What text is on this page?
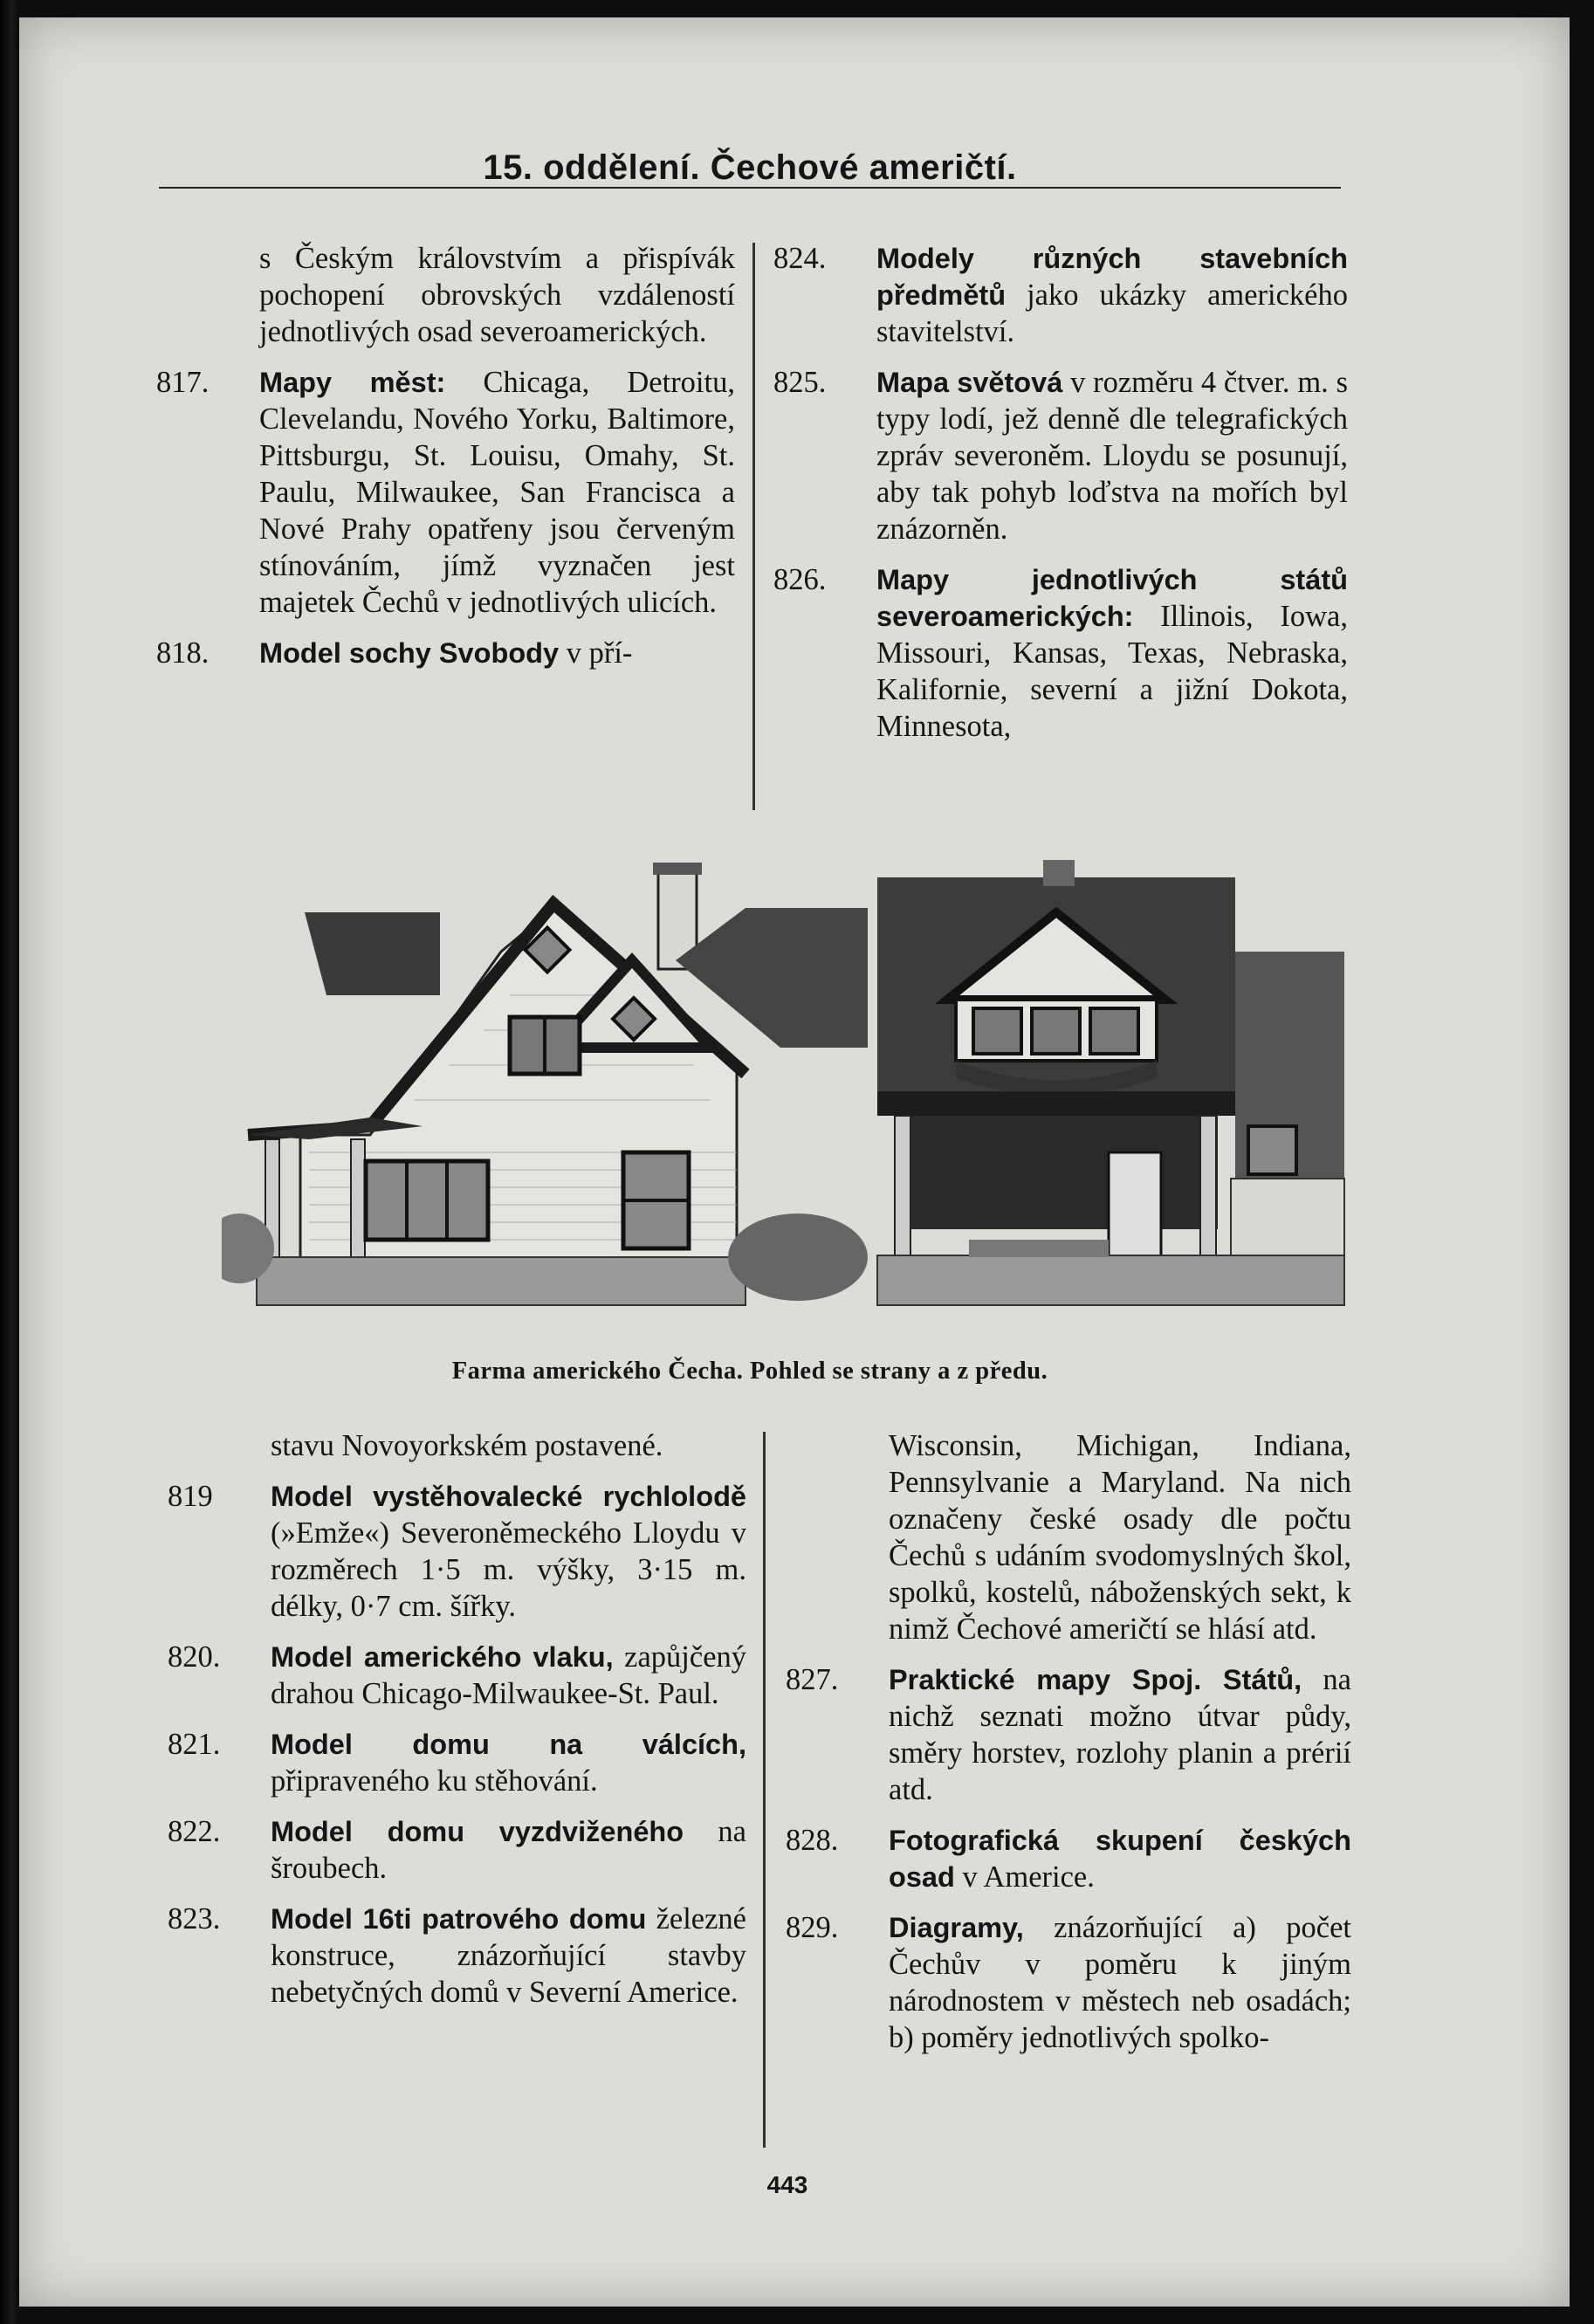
15. oddělení. Čechové američtí.
s Českým královstvím a přispívák pochopení obrovských vzdáleností jednotlivých osad severoamerických.
817.	Mapy měst: Chicaga, Detroitu, Clevelandu, Nového Yorku, Baltimore, Pittsburgu, St. Louisu, Omahy, St. Paulu, Milwaukee, San Francisca a Nové Prahy opatřeny jsou červeným stínováním, jímž vyznačen jest majetek Čechů v jednotlivých ulicích.
818.	Model sochy Svobody v pří-
824.	Modely různých stavebních předmětů jako ukázky amerického stavitelství.
825.	Mapa světová v rozměru 4 čtver. m. s typy lodí, jež denně dle telegrafických zpráv severoněm. Lloydu se posunují, aby tak pohyb loďstva na mořích byl znázorněn.
826.	Mapy jednotlivých států severoamerických: Illinois, Iowa, Missouri, Kansas, Texas, Nebraska, Kalifornie, severní a jižní Dokota, Minnesota,
Farma amerického Čecha. Pohled se strany a z předu.
stavu Novoyorkském postavené.
819	Model vystěhovalecké rychlolodě (»Emže«) Severoněmeckého Lloydu v rozměrech 1·5 m. výšky, 3·15 m. délky, 0·7 cm. šířky.
820.	Model amerického vlaku, zapůjčený drahou Chicago-Milwaukee-St. Paul.
821.	Model domu na válcích, připraveného ku stěhování.
822.	Model domu vyzdviženého na šroubech.
823.	Model 16ti patrového domu železné konstruce, znázorňující stavby nebetyčných domů v Severní Americe.
Wisconsin, Michigan, Indiana, Pennsylvanie a Maryland. Na nich označeny české osady dle počtu Čechů s udáním svodomyslných škol, spolků, kostelů, náboženských sekt, k nimž Čechové američtí se hlásí atd.
827.	Praktické mapy Spoj. Států, na nichž seznati možno útvar půdy, směry horstev, rozlohy planin a prérií atd.
828.	Fotografická skupení českých osad v Americe.
829.	Diagramy, znázorňující a) počet Čechův v poměru k jiným národnostem v městech neb osadách; b) poměry jednotlivých spolko-
443
